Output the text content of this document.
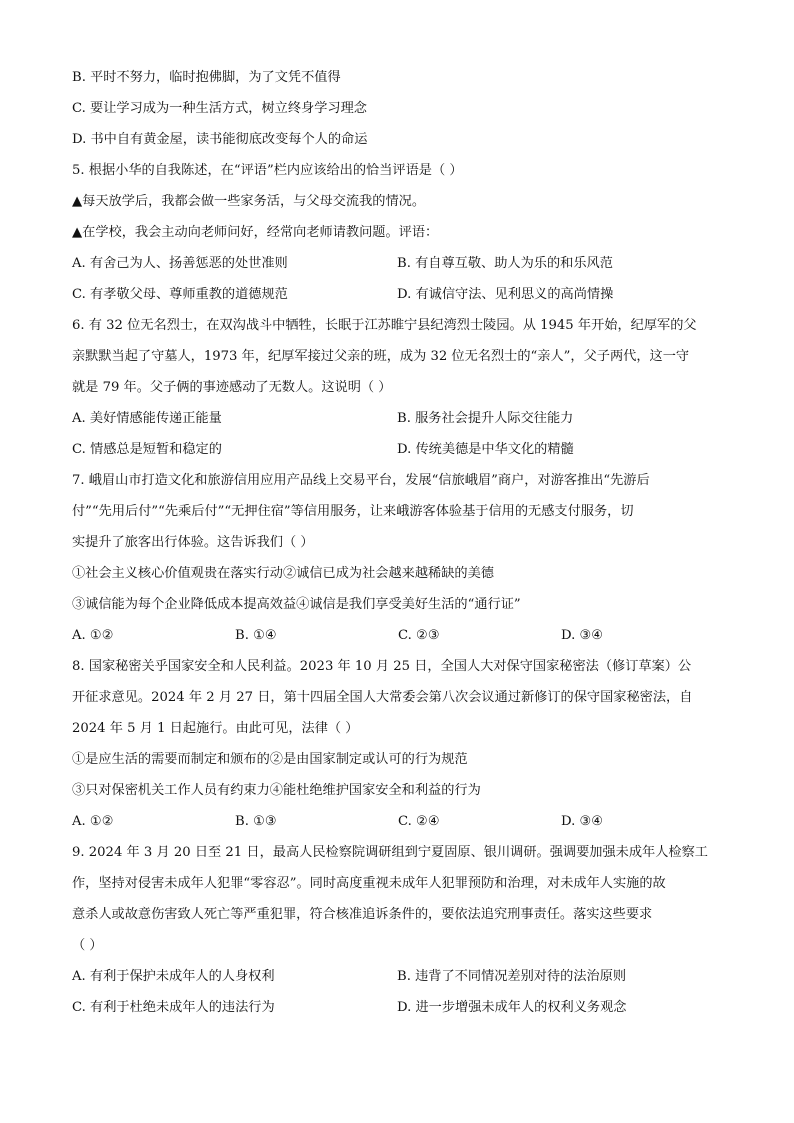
B. 平时不努力，临时抱佛脚，为了文凭不值得
C. 要让学习成为一种生活方式，树立终身学习理念
D. 书中自有黄金屋，读书能彻底改变每个人的命运
5. 根据小华的自我陈述，在“评语”栏内应该给出的恰当评语是（ ）
▲每天放学后，我都会做一些家务活，与父母交流我的情况。
▲在学校，我会主动向老师问好，经常向老师请教问题。评语：
A. 有舍己为人、扬善惩恶的处世准则	B. 有自尊互敬、助人为乐的和乐风范
C. 有孝敬父母、尊师重教的道德规范	D. 有诚信守法、见利思义的高尚情操
6. 有 32 位无名烈士，在双沟战斗中牺牲，长眠于江苏睢宁县纪湾烈士陵园。从 1945 年开始，纪厚军的父
亲默默当起了守墓人，1973 年，纪厚军接过父亲的班，成为 32 位无名烈士的“亲人”，父子两代，这一守
就是 79 年。父子俩的事迹感动了无数人。这说明（ ）
A. 美好情感能传递正能量	B. 服务社会提升人际交往能力
C. 情感总是短暂和稳定的	D. 传统美德是中华文化的精髓
7. 峨眉山市打造文化和旅游信用应用产品线上交易平台，发展“信旅峨眉”商户，对游客推出“先游后
付”“先用后付”“先乘后付”“无押住宿”等信用服务，让来峨游客体验基于信用的无感支付服务，切
实提升了旅客出行体验。这告诉我们（ ）
①社会主义核心价值观贵在落实行动②诚信已成为社会越来越稀缺的美德
③诚信能为每个企业降低成本提高效益④诚信是我们享受美好生活的“通行证”
A. ①②	B. ①④	C. ②③	D. ③④
8. 国家秘密关乎国家安全和人民利益。2023 年 10 月 25 日，全国人大对保守国家秘密法（修订草案）公
开征求意见。2024 年 2 月 27 日，第十四届全国人大常委会第八次会议通过新修订的保守国家秘密法，自
2024 年 5 月 1 日起施行。由此可见，法律（ ）
①是应生活的需要而制定和颁布的②是由国家制定或认可的行为规范
③只对保密机关工作人员有约束力④能杜绝维护国家安全和利益的行为
A. ①②	B. ①③	C. ②④	D. ③④
9. 2024 年 3 月 20 日至 21 日，最高人民检察院调研组到宁夏固原、银川调研。强调要加强未成年人检察工
作，坚持对侵害未成年人犯罪“零容忍”。同时高度重视未成年人犯罪预防和治理，对未成年人实施的故
意杀人或故意伤害致人死亡等严重犯罪，符合核准追诉条件的，要依法追究刑事责任。落实这些要求
（ ）
A. 有利于保护未成年人的人身权利	B. 违背了不同情况差别对待的法治原则
C. 有利于杜绝未成年人的违法行为	D. 进一步增强未成年人的权利义务观念
